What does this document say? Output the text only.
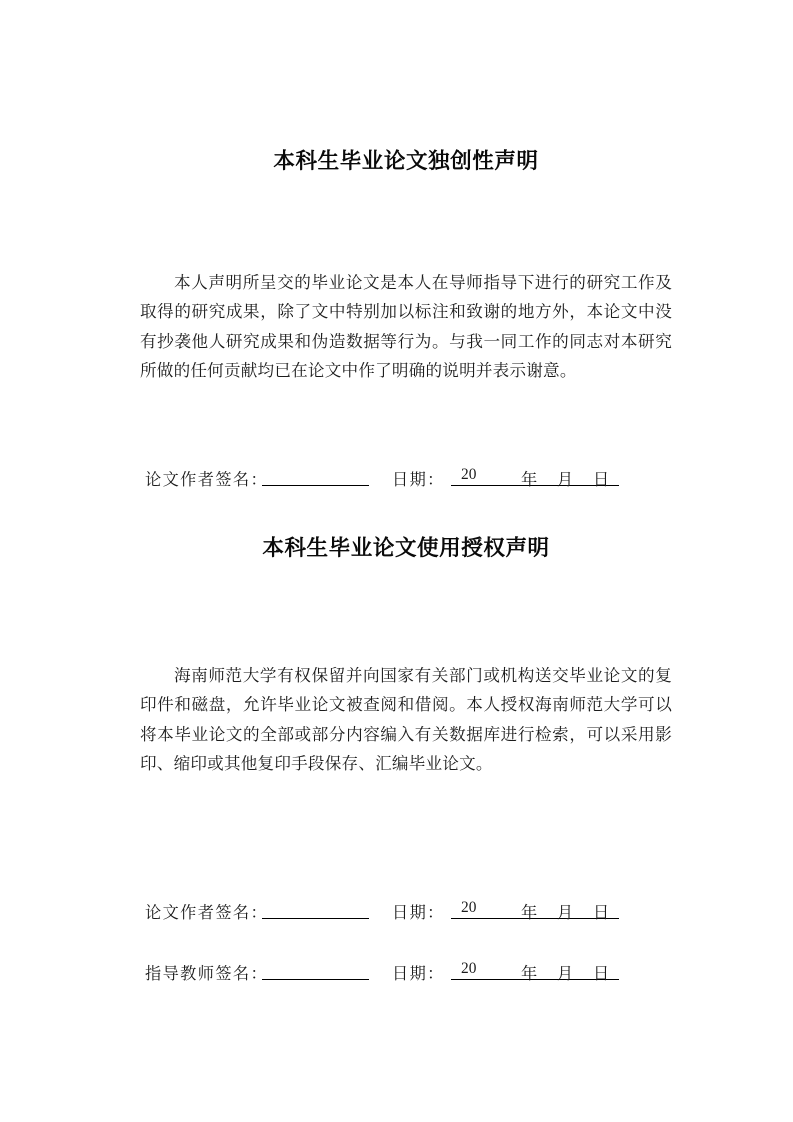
本科生毕业论文独创性声明
本人声明所呈交的毕业论文是本人在导师指导下进行的研究工作及取得的研究成果，除了文中特别加以标注和致谢的地方外，本论文中没有抄袭他人研究成果和伪造数据等行为。与我一同工作的同志对本研究所做的任何贡献均已在论文中作了明确的说明并表示谢意。
论文作者签名：	日期： 20	年 月 日
本科生毕业论文使用授权声明
海南师范大学有权保留并向国家有关部门或机构送交毕业论文的复印件和磁盘，允许毕业论文被查阅和借阅。本人授权海南师范大学可以将本毕业论文的全部或部分内容编入有关数据库进行检索，可以采用影印、缩印或其他复印手段保存、汇编毕业论文。
论文作者签名：	日期： 20	年 月 日
指导教师签名：	日期： 20	年 月 日
